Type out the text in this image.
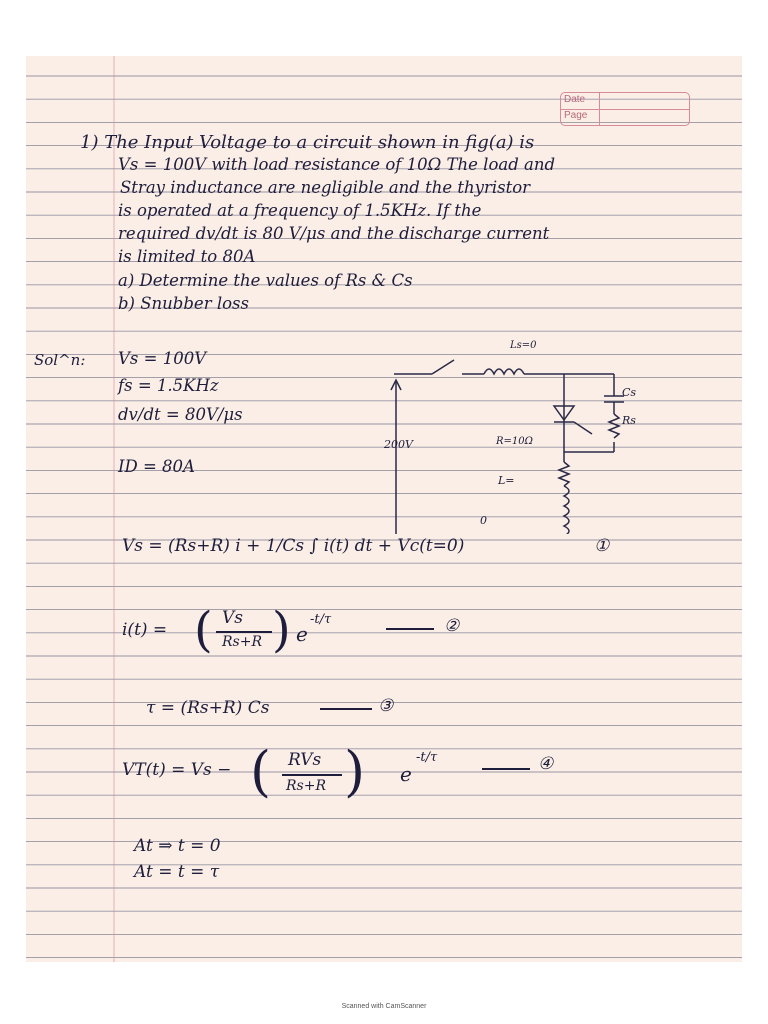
Date
Page
1) The Input Voltage to a circuit shown in fig(a) is
Vs = 100V with load resistance of 10Ω The load and
Stray inductance are negligible and the thyristor
is operated at a frequency of 1.5KHz. If the
required dv/dt is 80 V/μs and the discharge current
is limited to 80A
a) Determine the values of Rs & Cs
b) Snubber loss
Sol^n: Vs = 100V
fs = 1.5KHz
dv/dt = 80V/μs
ID = 80A
Ls=0
Cs
Rs
200V	R=10Ω
L=
0
Vs = (Rs+R) i + 1/Cs ∫ i(t) dt + Vc(t=0)	①
i(t) = ( Vs
Rs+R ) e
-t/τ	②
τ = (Rs+R) Cs	③
VT(t) = Vs − ( RVs
Rs+R ) e
-t/τ	④
At ⇒ t = 0
At = t = τ
Scanned with CamScanner
